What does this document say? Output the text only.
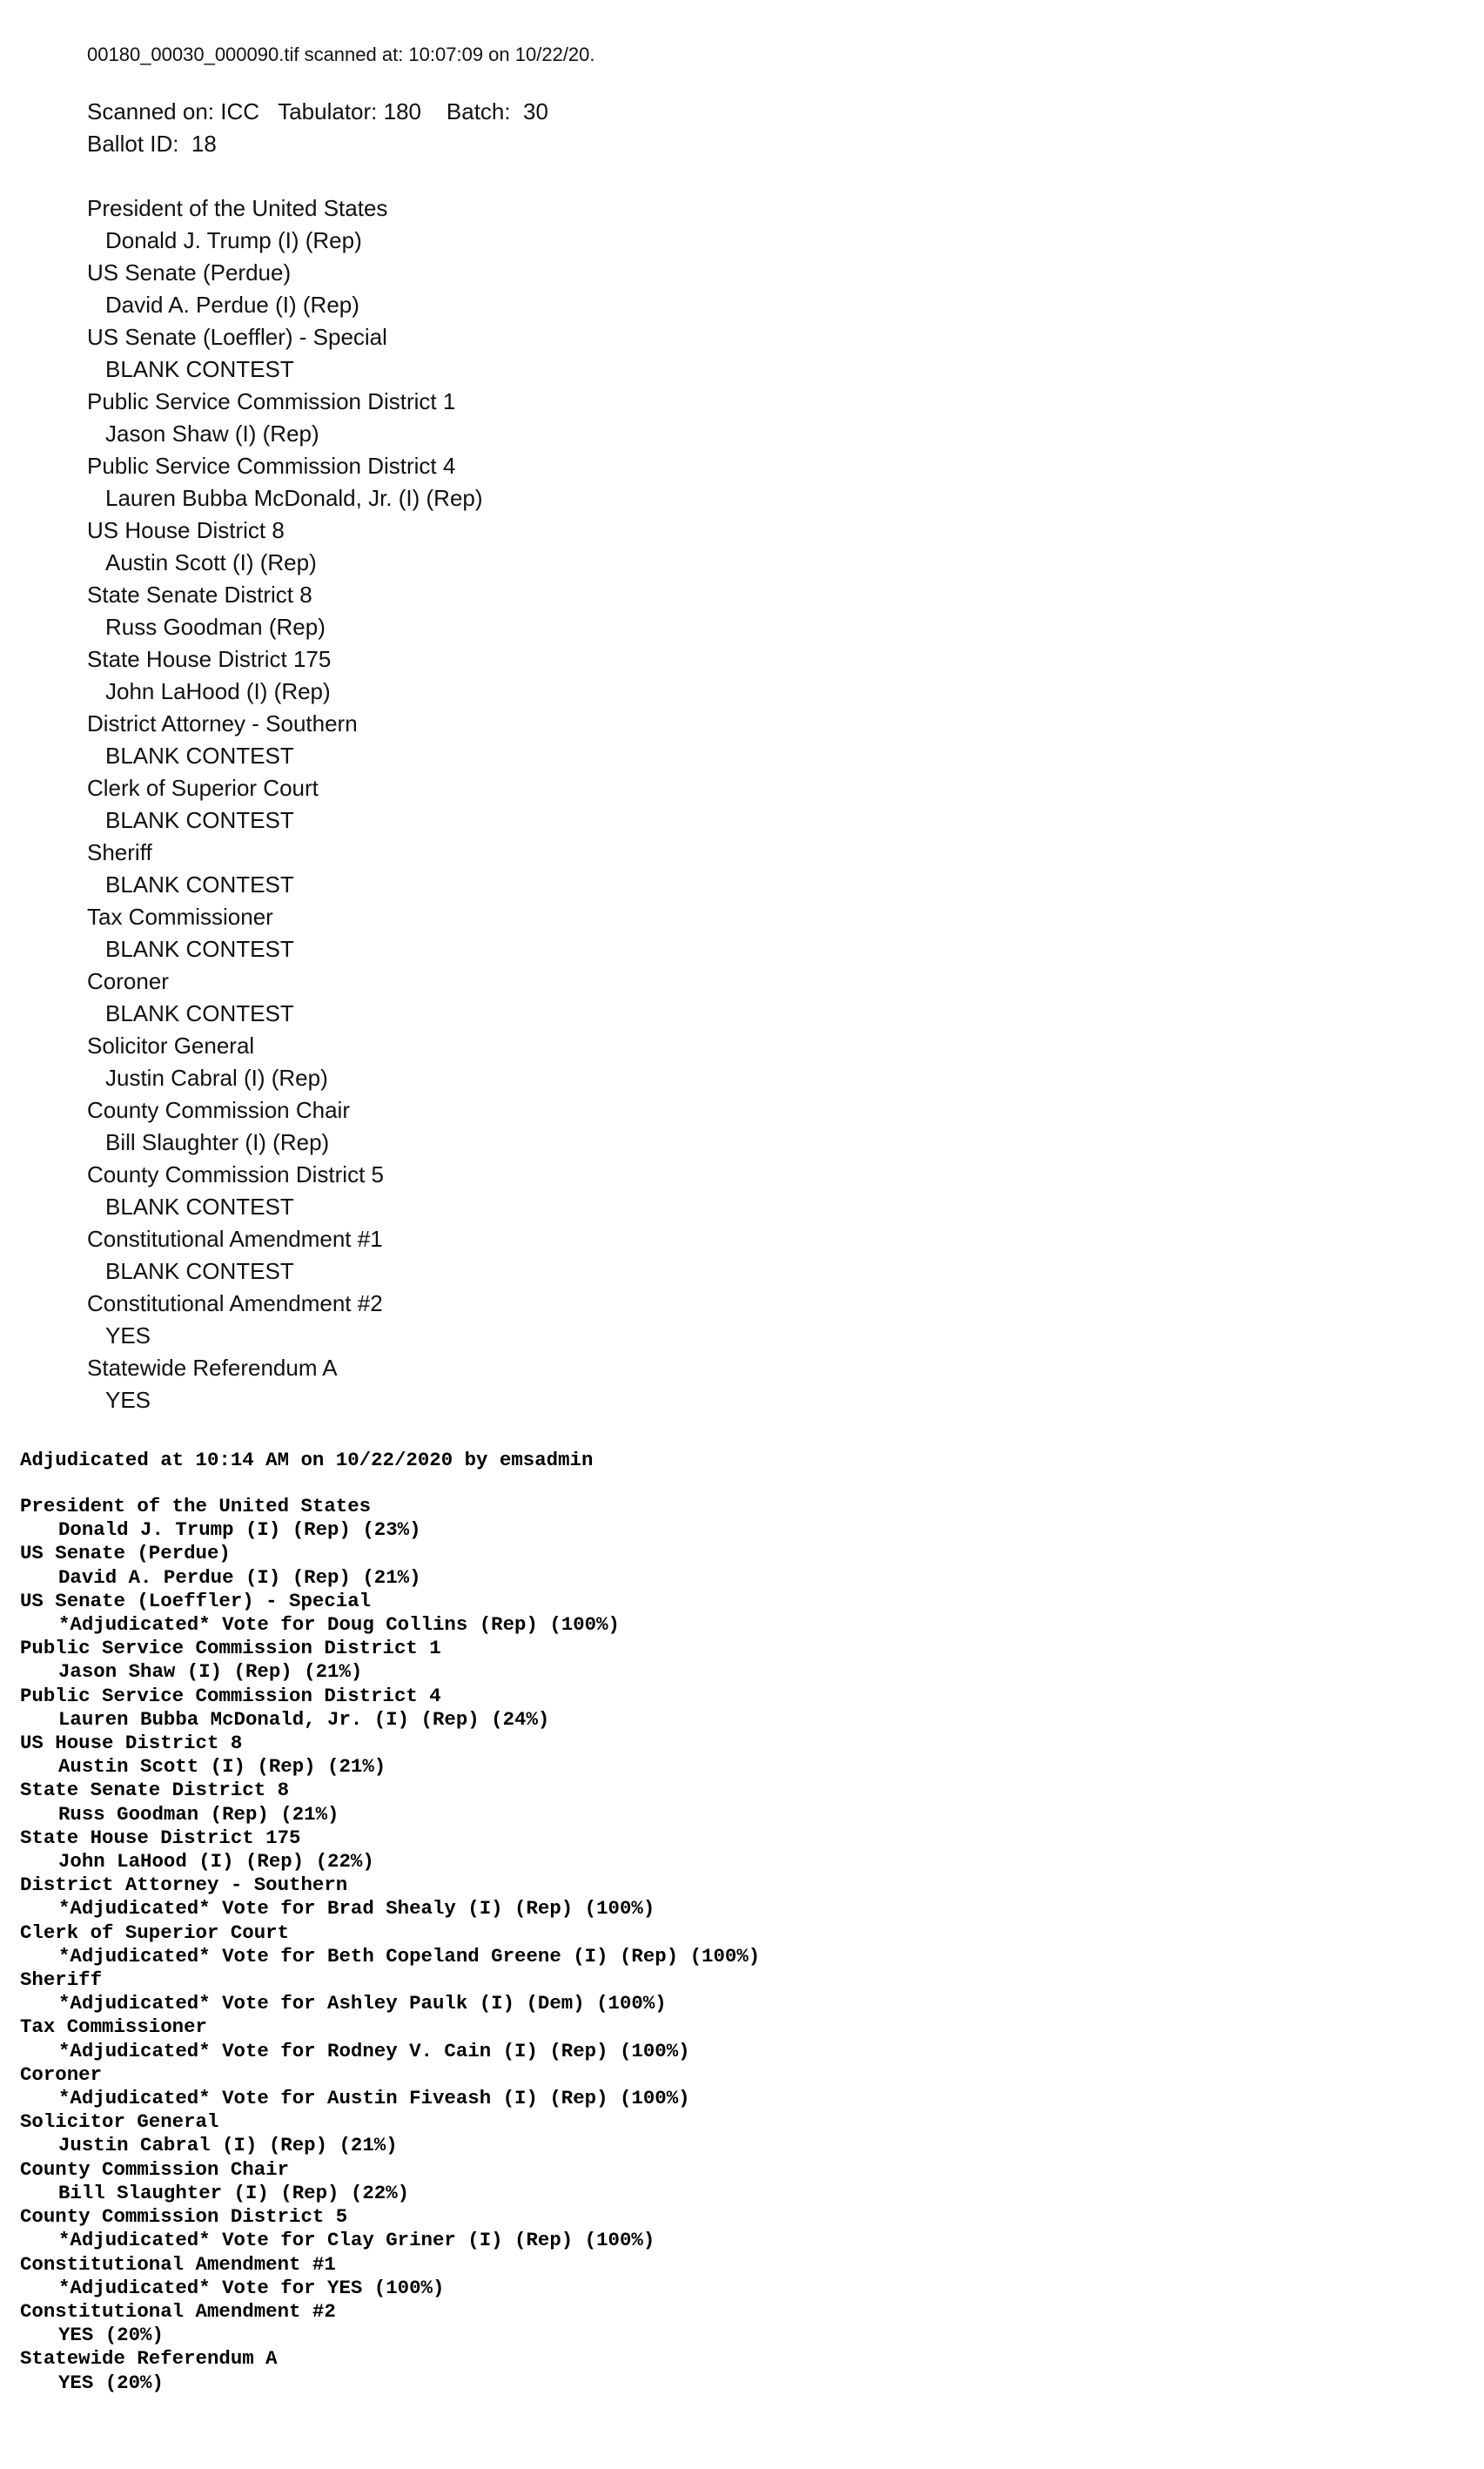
00180_00030_000090.tif scanned at: 10:07:09 on 10/22/20.

Scanned on: ICC   Tabulator: 180    Batch:  30
Ballot ID:  18
President of the United States
Donald J. Trump (I) (Rep)
US Senate (Perdue)
David A. Perdue (I) (Rep)
US Senate (Loeffler) - Special
BLANK CONTEST
Public Service Commission District 1
Jason Shaw (I) (Rep)
Public Service Commission District 4
Lauren Bubba McDonald, Jr. (I) (Rep)
US House District 8
Austin Scott (I) (Rep)
State Senate District 8
Russ Goodman (Rep)
State House District 175
John LaHood (I) (Rep)
District Attorney - Southern
BLANK CONTEST
Clerk of Superior Court
BLANK CONTEST
Sheriff
BLANK CONTEST
Tax Commissioner
BLANK CONTEST
Coroner
BLANK CONTEST
Solicitor General
Justin Cabral (I) (Rep)
County Commission Chair
Bill Slaughter (I) (Rep)
County Commission District 5
BLANK CONTEST
Constitutional Amendment #1
BLANK CONTEST
Constitutional Amendment #2
YES
Statewide Referendum A
YES

Adjudicated at 10:14 AM on 10/22/2020 by emsadmin

President of the United States
Donald J. Trump (I) (Rep) (23%)
US Senate (Perdue)
David A. Perdue (I) (Rep) (21%)
US Senate (Loeffler) - Special
*Adjudicated* Vote for Doug Collins (Rep) (100%)
Public Service Commission District 1
Jason Shaw (I) (Rep) (21%)
Public Service Commission District 4
Lauren Bubba McDonald, Jr. (I) (Rep) (24%)
US House District 8
Austin Scott (I) (Rep) (21%)
State Senate District 8
Russ Goodman (Rep) (21%)
State House District 175
John LaHood (I) (Rep) (22%)
District Attorney - Southern
*Adjudicated* Vote for Brad Shealy (I) (Rep) (100%)
Clerk of Superior Court
*Adjudicated* Vote for Beth Copeland Greene (I) (Rep) (100%)
Sheriff
*Adjudicated* Vote for Ashley Paulk (I) (Dem) (100%)
Tax Commissioner
*Adjudicated* Vote for Rodney V. Cain (I) (Rep) (100%)
Coroner
*Adjudicated* Vote for Austin Fiveash (I) (Rep) (100%)
Solicitor General
Justin Cabral (I) (Rep) (21%)
County Commission Chair
Bill Slaughter (I) (Rep) (22%)
County Commission District 5
*Adjudicated* Vote for Clay Griner (I) (Rep) (100%)
Constitutional Amendment #1
*Adjudicated* Vote for YES (100%)
Constitutional Amendment #2
YES (20%)
Statewide Referendum A
YES (20%)
